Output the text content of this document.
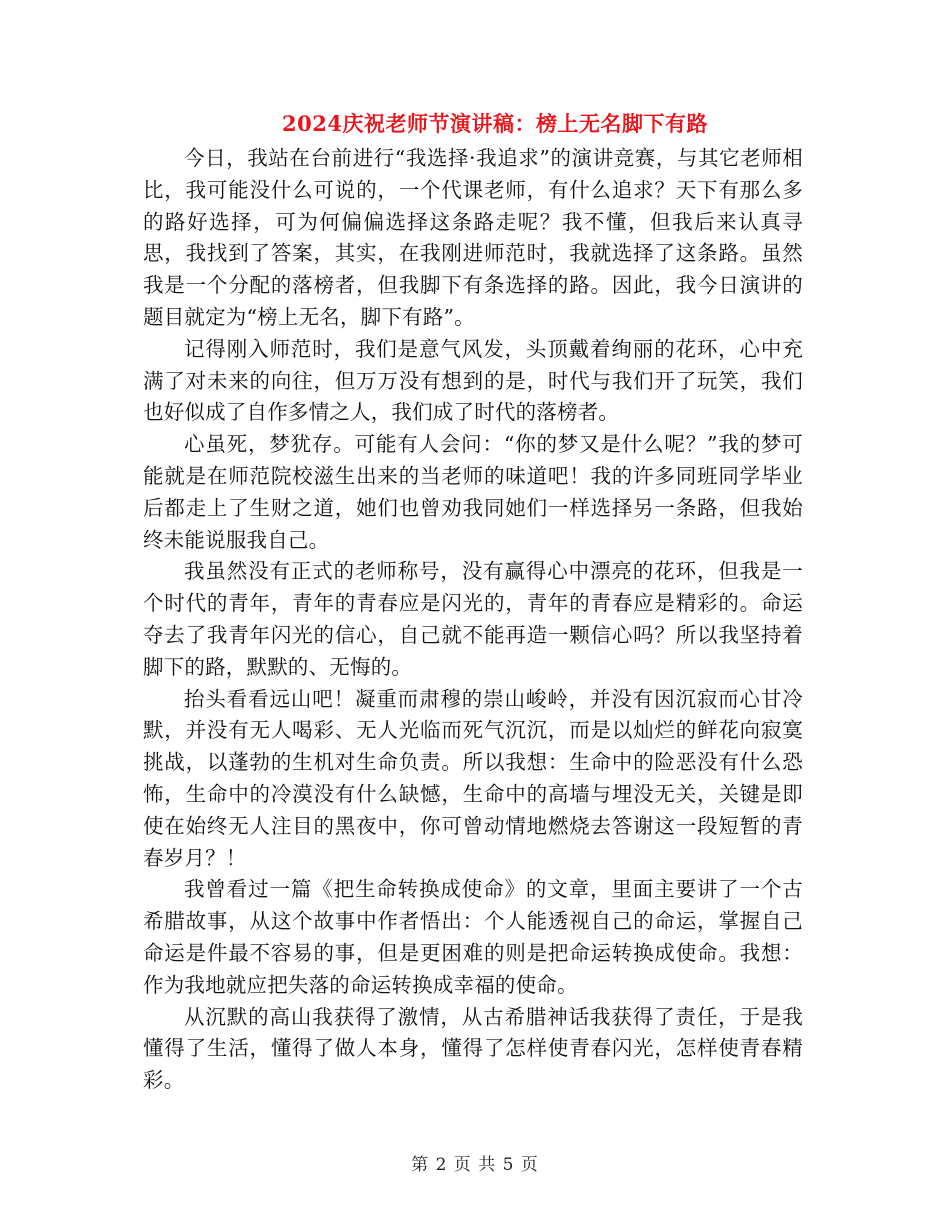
2024庆祝老师节演讲稿：榜上无名脚下有路

今日，我站在台前进行“我选择·我追求”的演讲竞赛，与其它老师相比，我可能没什么可说的，一个代课老师，有什么追求？天下有那么多的路好选择，可为何偏偏选择这条路走呢？我不懂，但我后来认真寻思，我找到了答案，其实，在我刚进师范时，我就选择了这条路。虽然我是一个分配的落榜者，但我脚下有条选择的路。因此，我今日演讲的题目就定为“榜上无名，脚下有路”。

记得刚入师范时，我们是意气风发，头顶戴着绚丽的花环，心中充满了对未来的向往，但万万没有想到的是，时代与我们开了玩笑，我们也好似成了自作多情之人，我们成了时代的落榜者。

心虽死，梦犹存。可能有人会问：“你的梦又是什么呢？”我的梦可能就是在师范院校滋生出来的当老师的味道吧！我的许多同班同学毕业后都走上了生财之道，她们也曾劝我同她们一样选择另一条路，但我始终未能说服我自己。

我虽然没有正式的老师称号，没有赢得心中漂亮的花环，但我是一个时代的青年，青年的青春应是闪光的，青年的青春应是精彩的。命运夺去了我青年闪光的信心，自己就不能再造一颗信心吗？所以我坚持着脚下的路，默默的、无悔的。

抬头看看远山吧！凝重而肃穆的崇山峻岭，并没有因沉寂而心甘冷默，并没有无人喝彩、无人光临而死气沉沉，而是以灿烂的鲜花向寂寞挑战，以蓬勃的生机对生命负责。所以我想：生命中的险恶没有什么恐怖，生命中的冷漠没有什么缺憾，生命中的高墙与埋没无关，关键是即使在始终无人注目的黑夜中，你可曾动情地燃烧去答谢这一段短暂的青春岁月？！

我曾看过一篇《把生命转换成使命》的文章，里面主要讲了一个古希腊故事，从这个故事中作者悟出：个人能透视自己的命运，掌握自己命运是件最不容易的事，但是更困难的则是把命运转换成使命。我想：作为我地就应把失落的命运转换成幸福的使命。

从沉默的高山我获得了激情，从古希腊神话我获得了责任，于是我懂得了生活，懂得了做人本身，懂得了怎样使青春闪光，怎样使青春精彩。

第 2 页 共 5 页
